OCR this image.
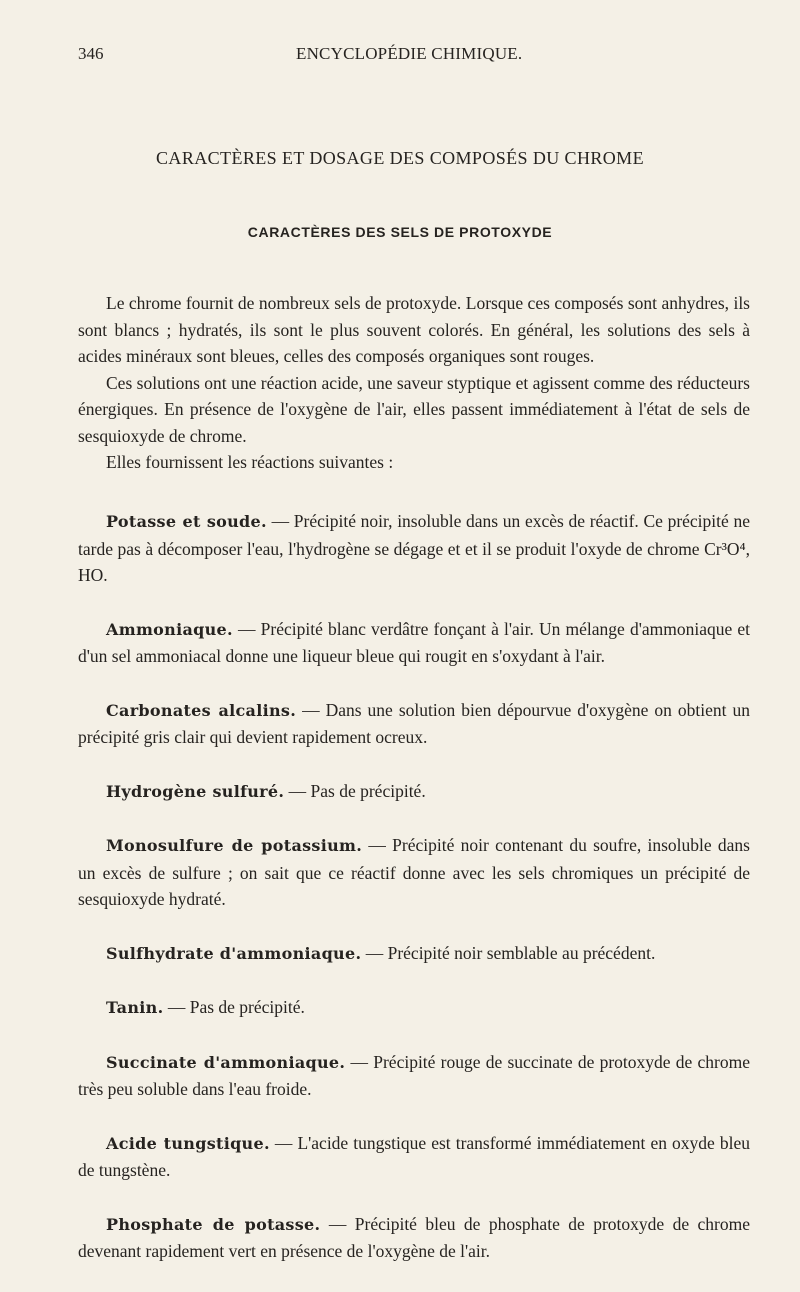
346	ENCYCLOPÉDIE CHIMIQUE.
CARACTÈRES ET DOSAGE DES COMPOSÉS DU CHROME
CARACTÈRES DES SELS DE PROTOXYDE

Le chrome fournit de nombreux sels de protoxyde. Lorsque ces composés sont anhydres, ils sont blancs ; hydratés, ils sont le plus souvent colorés. En général, les solutions des sels à acides minéraux sont bleues, celles des composés organiques sont rouges.

Ces solutions ont une réaction acide, une saveur styptique et agissent comme des réducteurs énergiques. En présence de l'oxygène de l'air, elles passent immédiatement à l'état de sels de sesquioxyde de chrome.

Elles fournissent les réactions suivantes :

Potasse et soude. — Précipité noir, insoluble dans un excès de réactif. Ce précipité ne tarde pas à décomposer l'eau, l'hydrogène se dégage et et il se produit l'oxyde de chrome Cr³O⁴, HO.

Ammoniaque. — Précipité blanc verdâtre fonçant à l'air. Un mélange d'ammoniaque et d'un sel ammoniacal donne une liqueur bleue qui rougit en s'oxydant à l'air.

Carbonates alcalins. — Dans une solution bien dépourvue d'oxygène on obtient un précipité gris clair qui devient rapidement ocreux.

Hydrogène sulfuré. — Pas de précipité.

Monosulfure de potassium. — Précipité noir contenant du soufre, insoluble dans un excès de sulfure ; on sait que ce réactif donne avec les sels chromiques un précipité de sesquioxyde hydraté.

Sulfhydrate d'ammoniaque. — Précipité noir semblable au précédent.

Tanin. — Pas de précipité.

Succinate d'ammoniaque. — Précipité rouge de succinate de protoxyde de chrome très peu soluble dans l'eau froide.

Acide tungstique. — L'acide tungstique est transformé immédiatement en oxyde bleu de tungstène.

Phosphate de potasse. — Précipité bleu de phosphate de protoxyde de chrome devenant rapidement vert en présence de l'oxygène de l'air.
